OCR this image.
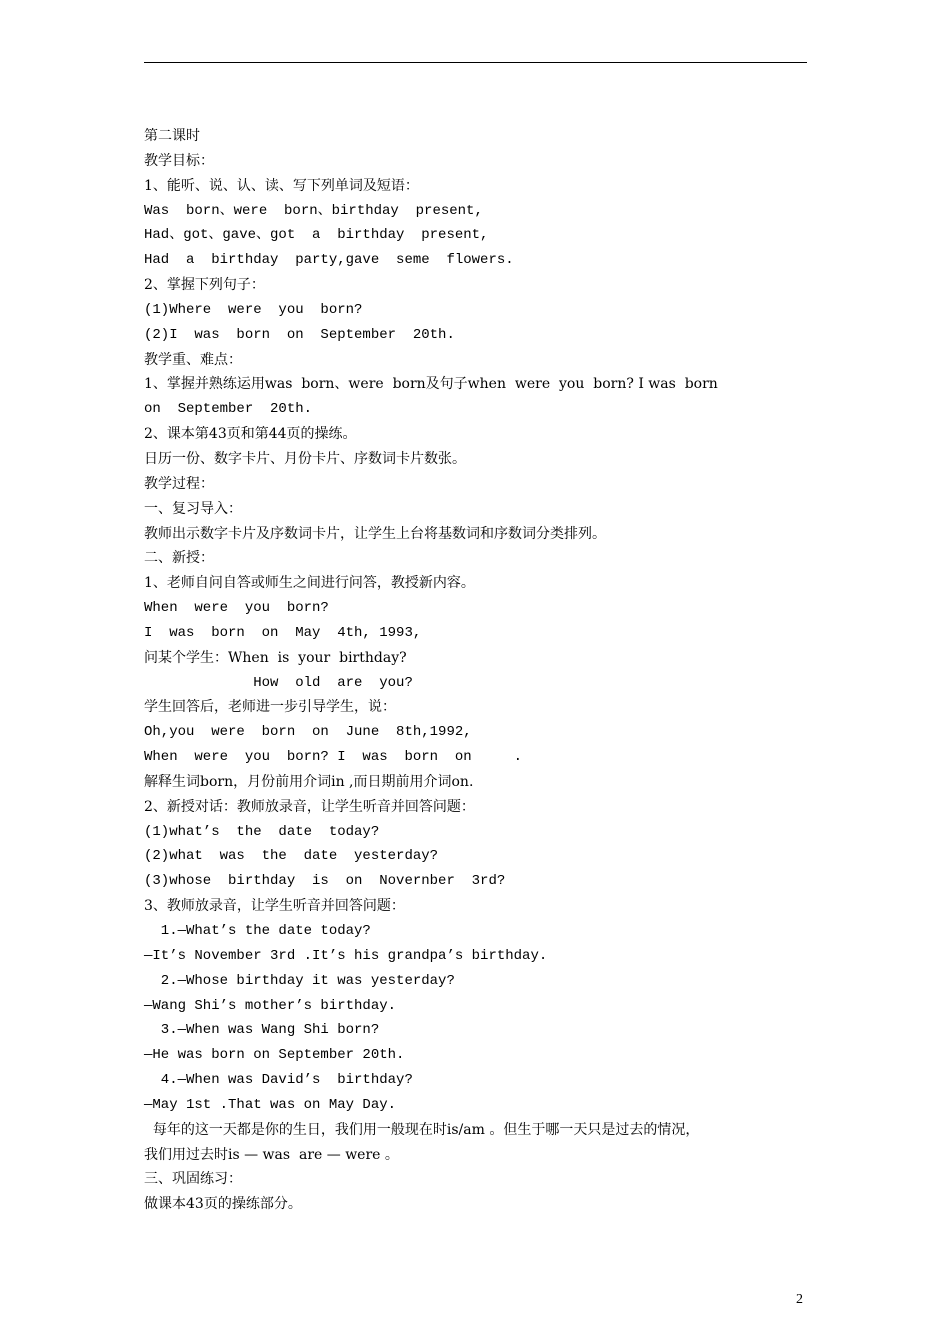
第二课时
教学目标：
1、能听、说、认、读、写下列单词及短语：
Was  born、were  born、birthday  present,
Had、got、gave、got  a  birthday  present,
Had  a  birthday  party,gave  seme  flowers.
2、掌握下列句子：
(1)Where  were  you  born?
(2)I  was  born  on  September  20th.
教学重、难点：
1、掌握并熟练运用was  born、were  born及句子when  were  you  born? I was  born
on  September  20th.
2、课本第43页和第44页的操练。
日历一份、数字卡片、月份卡片、序数词卡片数张。
教学过程：
一、复习导入：
教师出示数字卡片及序数词卡片，让学生上台将基数词和序数词分类排列。
二、新授：
1、老师自问自答或师生之间进行问答，教授新内容。
When  were  you  born?
I  was  born  on  May  4th, 1993,
问某个学生：When  is  your  birthday?
How  old  are  you?
学生回答后，老师进一步引导学生，说：
Oh,you  were  born  on  June  8th,1992,
When  were  you  born? I  was  born  on     .
解释生词born，月份前用介词in ,而日期前用介词on.
2、新授对话：教师放录音，让学生听音并回答问题：
(1)what’s  the  date  today?
(2)what  was  the  date  yesterday?
(3)whose  birthday  is  on  Novernber  3rd?
3、教师放录音，让学生听音并回答问题：
1.—What’s the date today?
—It’s November 3rd .It’s his grandpa’s birthday.
2.—Whose birthday it was yesterday?
—Wang Shi’s mother’s birthday.
3.—When was Wang Shi born?
—He was born on September 20th.
4.—When was David’s  birthday?
—May 1st .That was on May Day.
每年的这一天都是你的生日，我们用一般现在时is/am 。但生于哪一天只是过去的情况，
我们用过去时is — was  are — were 。
三、巩固练习：
做课本43页的操练部分。
2
